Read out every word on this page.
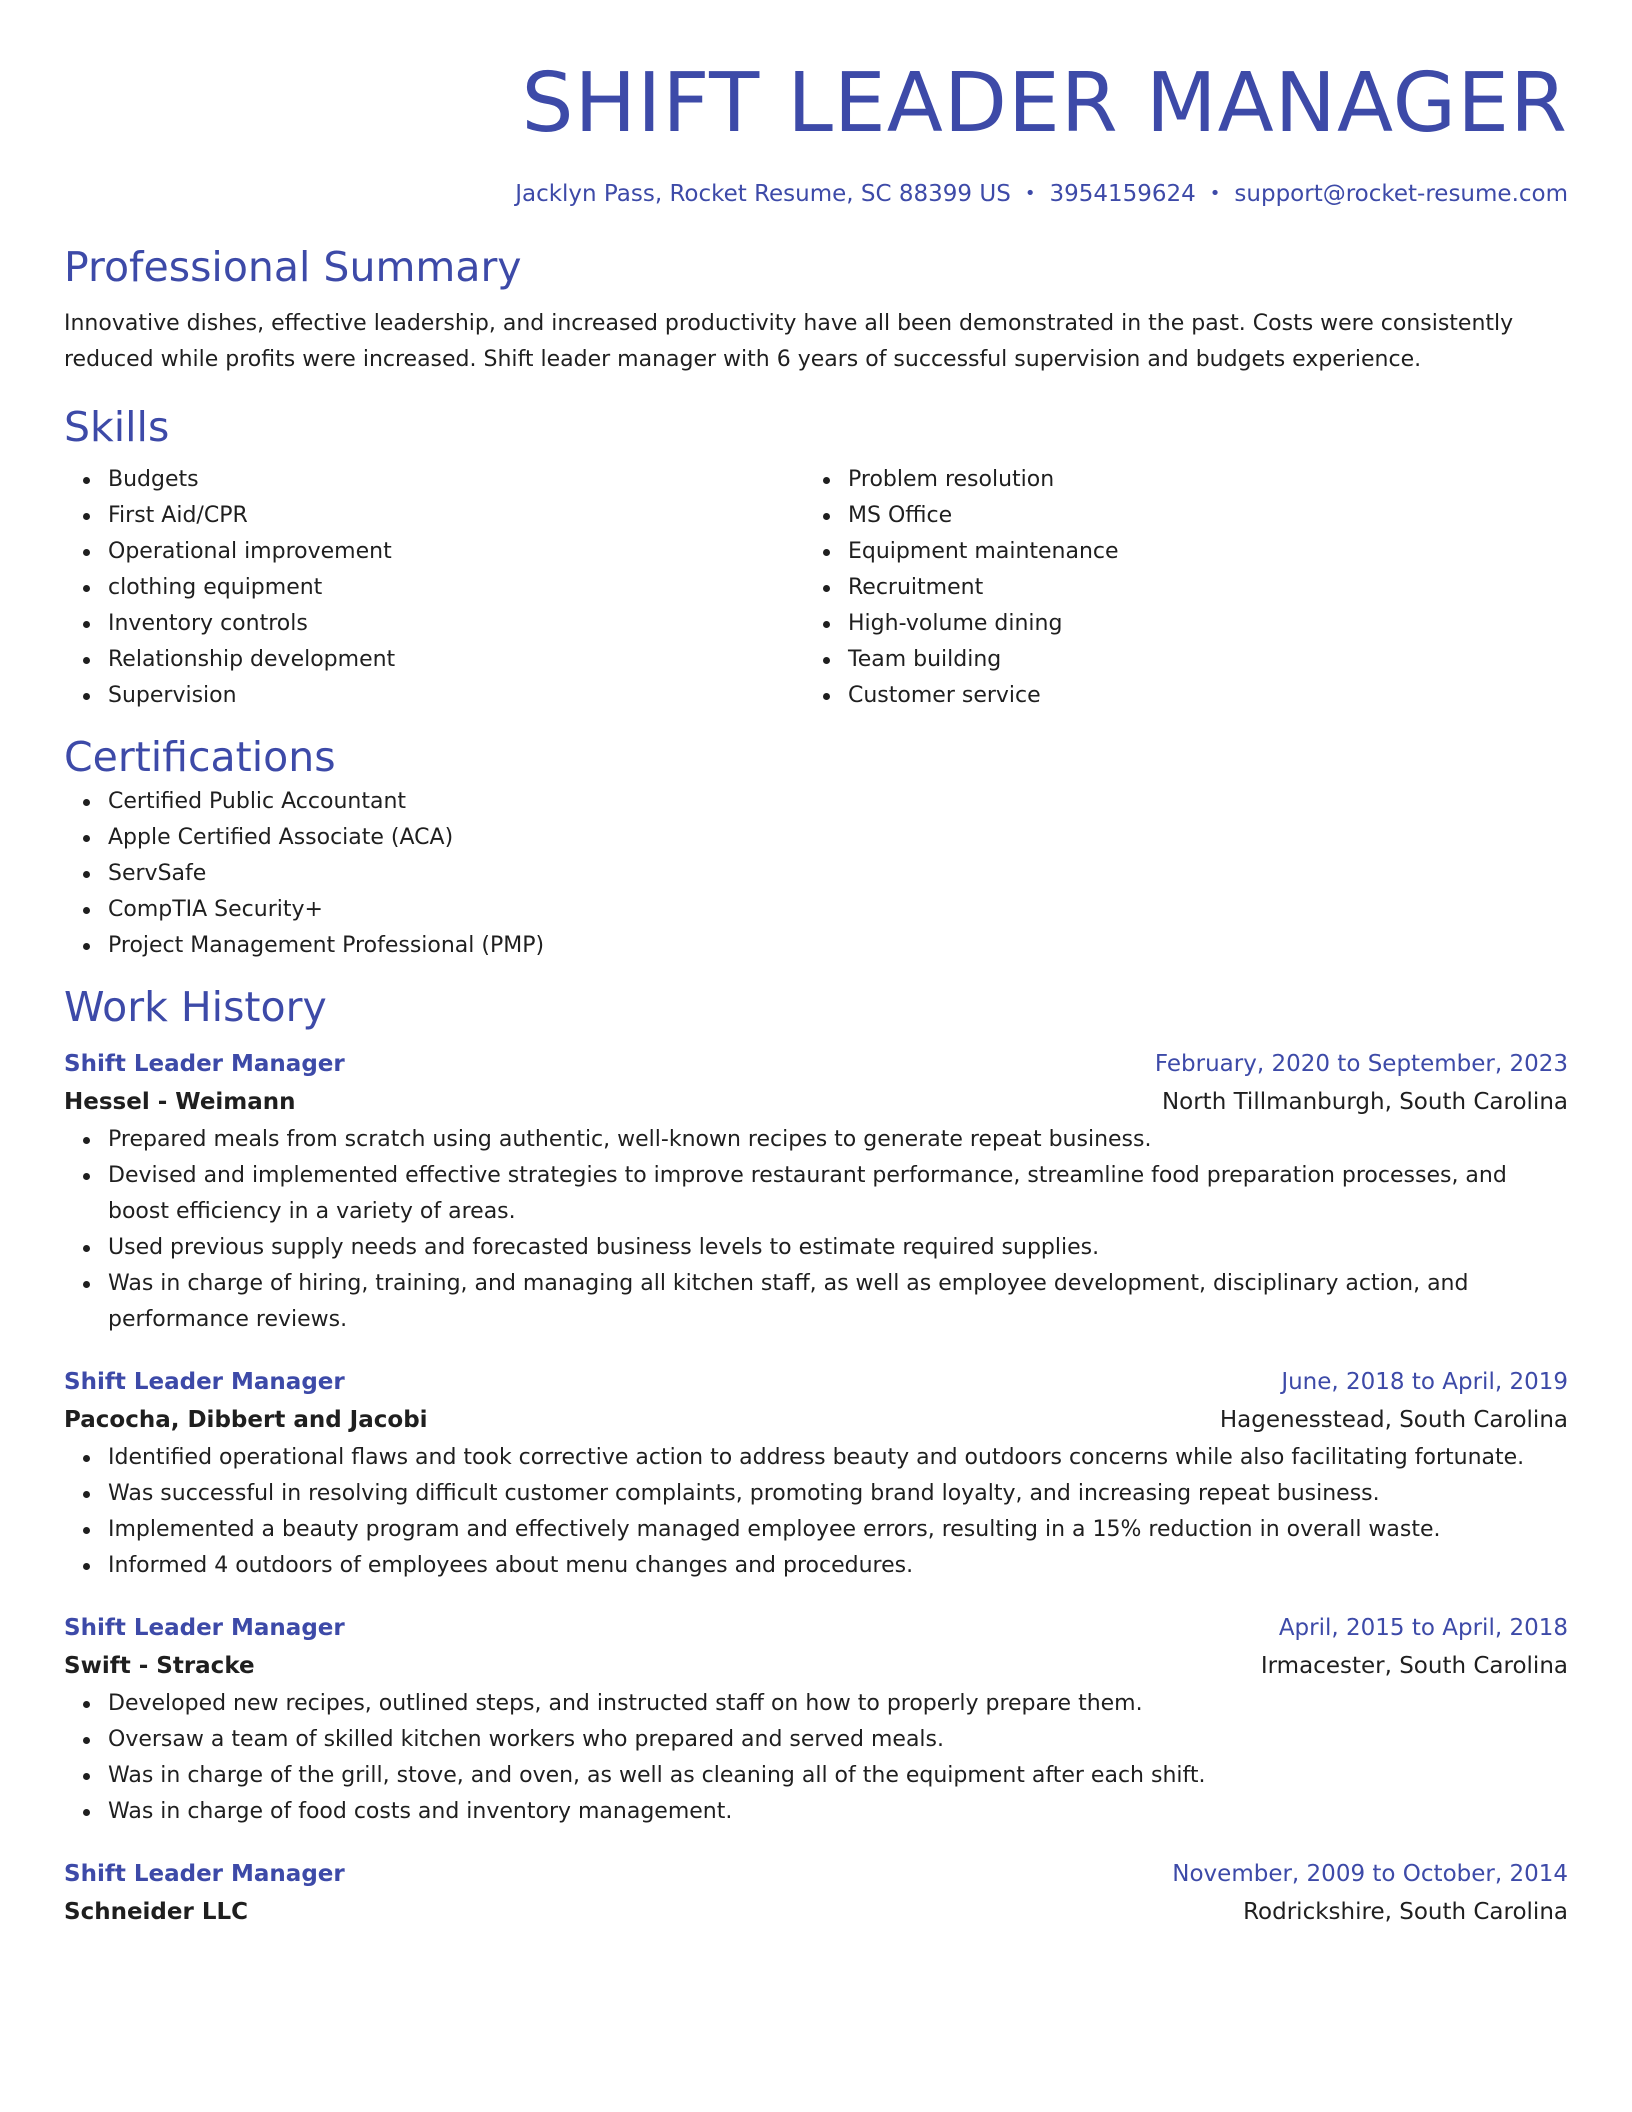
SHIFT LEADER MANAGER
Jacklyn Pass, Rocket Resume, SC 88399 US • 3954159624 • support@rocket-resume.com
Professional Summary

Innovative dishes, effective leadership, and increased productivity have all been demonstrated in the past. Costs were consistently reduced while profits were increased. Shift leader manager with 6 years of successful supervision and budgets experience.

Skills
Budgets
First Aid/CPR
Operational improvement
clothing equipment
Inventory controls
Relationship development
Supervision
Problem resolution
MS Office
Equipment maintenance
Recruitment
High-volume dining
Team building
Customer service
Certifications
Certified Public Accountant
Apple Certified Associate (ACA)
ServSafe
CompTIA Security+
Project Management Professional (PMP)
Work History
Shift Leader Manager	February, 2020 to September, 2023
Hessel - Weimann	North Tillmanburgh, South Carolina
Prepared meals from scratch using authentic, well-known recipes to generate repeat business.
Devised and implemented effective strategies to improve restaurant performance, streamline food preparation processes, and boost efficiency in a variety of areas.
Used previous supply needs and forecasted business levels to estimate required supplies.
Was in charge of hiring, training, and managing all kitchen staff, as well as employee development, disciplinary action, and performance reviews.
Shift Leader Manager	June, 2018 to April, 2019
Pacocha, Dibbert and Jacobi	Hagenesstead, South Carolina
Identified operational flaws and took corrective action to address beauty and outdoors concerns while also facilitating fortunate.
Was successful in resolving difficult customer complaints, promoting brand loyalty, and increasing repeat business.
Implemented a beauty program and effectively managed employee errors, resulting in a 15% reduction in overall waste.
Informed 4 outdoors of employees about menu changes and procedures.
Shift Leader Manager	April, 2015 to April, 2018
Swift - Stracke	Irmacester, South Carolina
Developed new recipes, outlined steps, and instructed staff on how to properly prepare them.
Oversaw a team of skilled kitchen workers who prepared and served meals.
Was in charge of the grill, stove, and oven, as well as cleaning all of the equipment after each shift.
Was in charge of food costs and inventory management.
Shift Leader Manager	November, 2009 to October, 2014
Schneider LLC	Rodrickshire, South Carolina
